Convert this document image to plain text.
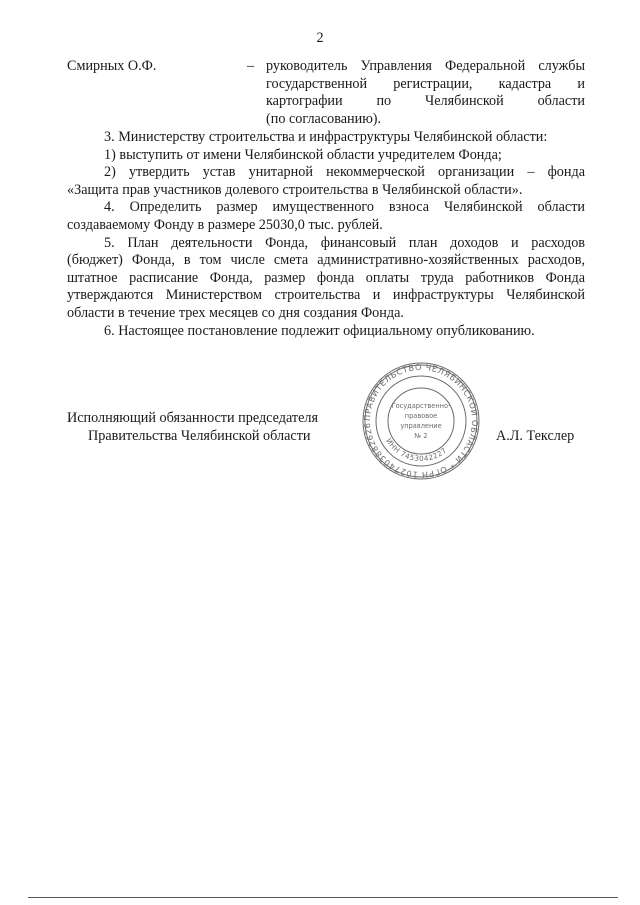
2
Смирных О.Ф.	– руководитель Управления Федеральной службы
государственной регистрации, кадастра и
картографии по Челябинской области
(по согласованию).
3. Министерству строительства и инфраструктуры Челябинской области:
1) выступить от имени Челябинской области учредителем Фонда;
2) утвердить устав унитарной некоммерческой организации – фонда
«Защита прав участников долевого строительства в Челябинской области».
4. Определить размер имущественного взноса Челябинской области
создаваемому Фонду в размере 25030,0 тыс. рублей.
5. План деятельности Фонда, финансовый план доходов и расходов
(бюджет) Фонда, в том числе смета административно-хозяйственных расходов,
штатное расписание Фонда, размер фонда оплаты труда работников Фонда
утверждаются Министерством строительства и инфраструктуры Челябинской
области в течение трех месяцев со дня создания Фонда.
6. Настоящее постановление подлежит официальному опубликованию.
Исполняющий обязанности председателя
Правительства Челябинской области	А.Л. Текслер
ПРАВИТЕЛЬСТВО ЧЕЛЯБИНСКОЙ ОБЛАСТИ * ОГРН 1027403882626
ИНН 7453042227
Государственно-
правовое
управление
№ 2
